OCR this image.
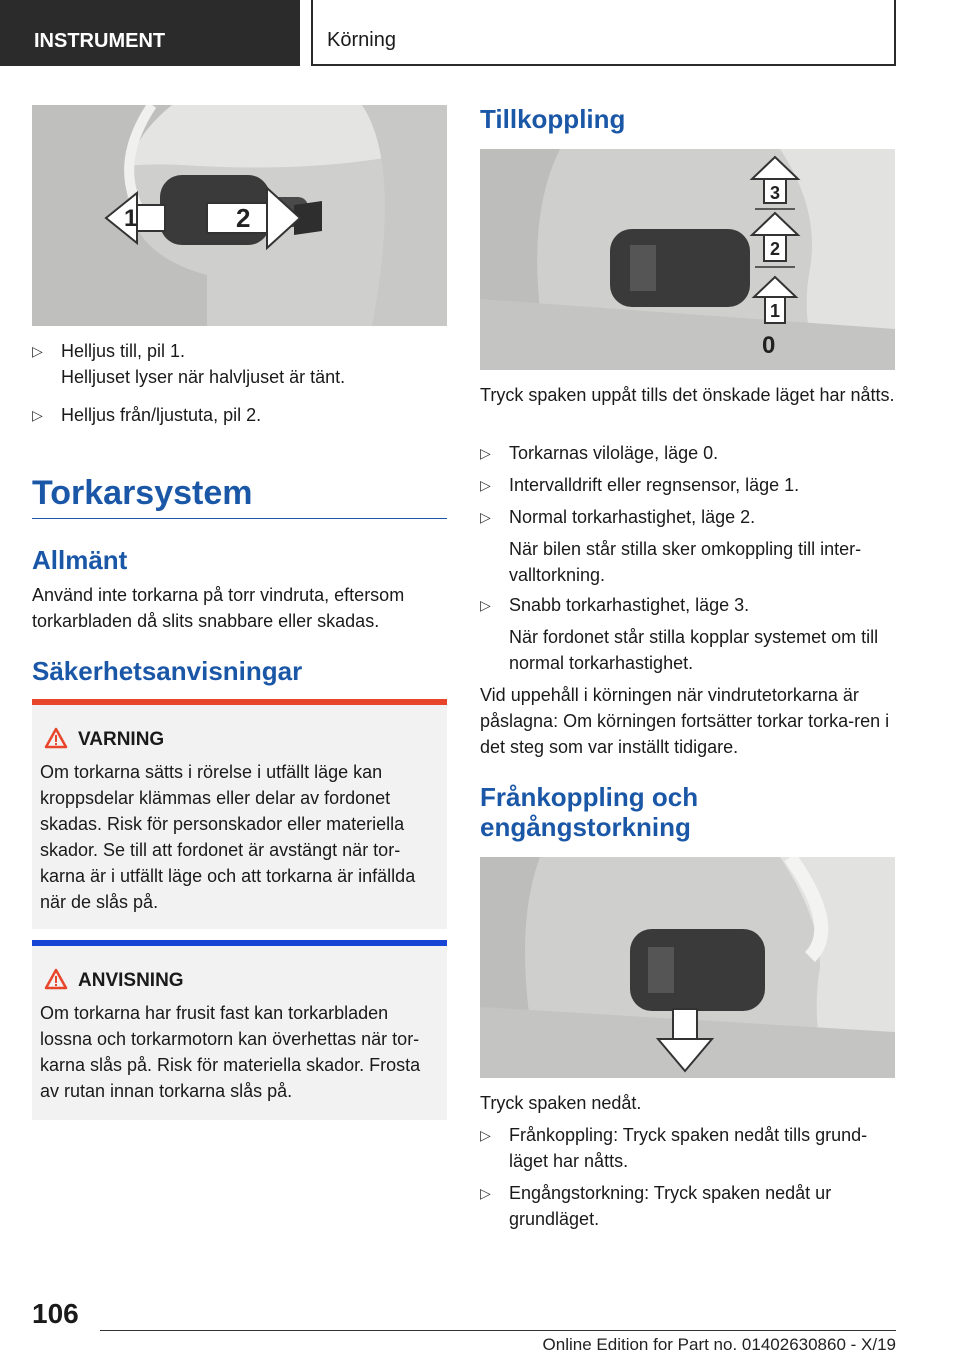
INSTRUMENT	Körning
1	2
▷	Helljus till, pil 1.
Helljuset lyser när halvljuset är tänt.
▷	Helljus från/ljustuta, pil 2.
Torkarsystem
Allmänt

Använd inte torkarna på torr vindruta, eftersom torkarbladen då slits snabbare eller skadas.

Säkerhetsanvisningar
VARNING
Om torkarna sätts i rörelse i utfällt läge kan kroppsdelar klämmas eller delar av fordonet skadas. Risk för personskador eller materiella skador. Se till att fordonet är avstängt när tor-karna är i utfällt läge och att torkarna är infällda när de slås på.
ANVISNING
Om torkarna har frusit fast kan torkarbladen lossna och torkarmotorn kan överhettas när tor-karna slås på. Risk för materiella skador. Frosta av rutan innan torkarna slås på.
Tillkoppling
3
2
1
0

Tryck spaken uppåt tills det önskade läget har nåtts.

▷	Torkarnas viloläge, läge 0.
▷	Intervalldrift eller regnsensor, läge 1.
▷	Normal torkarhastighet, läge 2.
När bilen står stilla sker omkoppling till inter-valltorkning.
▷	Snabb torkarhastighet, läge 3.
När fordonet står stilla kopplar systemet om till normal torkarhastighet.

Vid uppehåll i körningen när vindrutetorkarna är påslagna: Om körningen fortsätter torkar torka-ren i det steg som var inställt tidigare.

Frånkoppling och engångstorkning

Tryck spaken nedåt.

▷	Frånkoppling: Tryck spaken nedåt tills grund-läget har nåtts.
▷	Engångstorkning: Tryck spaken nedåt ur grundläget.
106
Online Edition for Part no. 01402630860 - X/19
